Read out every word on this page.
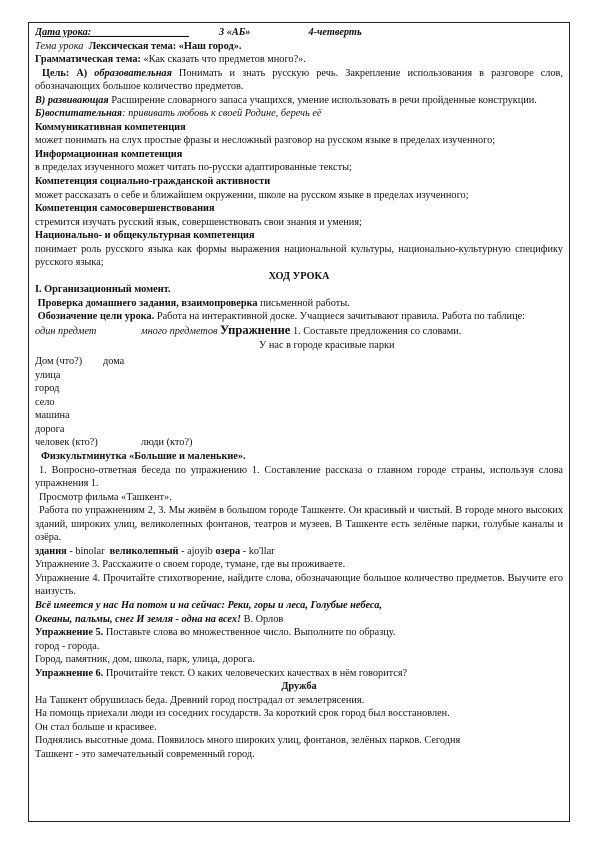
Дата урока:___________________	3 «АБ»	4-четверть
Тема урока Лексическая тема: «Наш город».
Грамматическая тема: «Как сказать что предметов много?».
Цель: А) образовательная Понимать и знать русскую речь. Закрепление использования в разговоре слов, обозначающих большое количество предметов.
В) развивающая Расширение словарного запаса учащихся, умение использовать в речи пройденные конструкции.
Б)воспитательная: прививать любовь к своей Родине, беречь её
Коммуникативная компетенция
может понимать на слух простые фразы и несложный разговор на русском языке в пределах изученного;
Информационная компетенция
в пределах изученного может читать по-русски адаптированные тексты;
Компетенция социально-гражданской активности
может рассказать о себе и ближайшем окружении, школе на русском языке в пределах изученного;
Компетенция самосовершенствования
стремится изучать русский язык, совершенствовать свои знания и умения;
Национально- и общекультурная компетенция
понимает роль русского языка как формы выражения национальной культуры, национально-культурную специфику русского языка;
ХОД УРОКА
I. Организационный момент.
Проверка домашнего задания, взаимопроверка письменной работы.
Обозначение цели урока. Работа на интерактивной доске. Учащиеся зачитывают правила. Работа по таблице:
один предмет	много предметов Упражнение 1. Составьте предложения со словами.
У нас в городе красивые парки
Дом (что?) дома
улица
город
село
машина
дорога
человек (кто?)	люди (кто?)
Физкультминутка «Большие и маленькие».
1. Вопросно-ответная беседа по упражнению 1. Составление рассказа о главном городе страны, используя слова упражнения 1.
Просмотр фильма «Ташкент».
Работа по упражнениям 2, 3. Мы живём в большом городе Ташкенте. Он красивый и чистый. В городе много высоких зданий, широких улиц, великолепных фонтанов, театров и музеев. В Ташкенте есть зелёные парки, голубые каналы и озёра.
здания - binolar великолепный - ajoyib озера - ko'llar
Упражнение 3. Расскажите о своем городе, тумане, где вы проживаете.
Упражнение 4. Прочитайте стихотворение, найдите слова, обозначающие большое количество предметов. Выучите его наизусть.
Всё имеется у нас На потом и на сейчас: Реки, горы и леса, Голубые небеса,
Океаны, пальмы, снег И земля - одна на всех! В. Орлов
Упражнение 5. Поставьте слова во множественное число. Выполните по образцу.
город - города.
Город, памятник, дом, школа, парк, улица, дорога.
Упражнение 6. Прочитайте текст. О каких человеческих качествах в нём говорится?
Дружба
На Ташкент обрушилась беда. Древний город пострадал от землетрясения.
На помощь приехали люди из соседних государств. За короткий срок город был восстановлен.
Он стал больше и красивее.
Поднялись высотные дома. Появилось много широких улиц, фонтанов, зелёных парков. Сегодня
Ташкент - это замечательный современный город.
